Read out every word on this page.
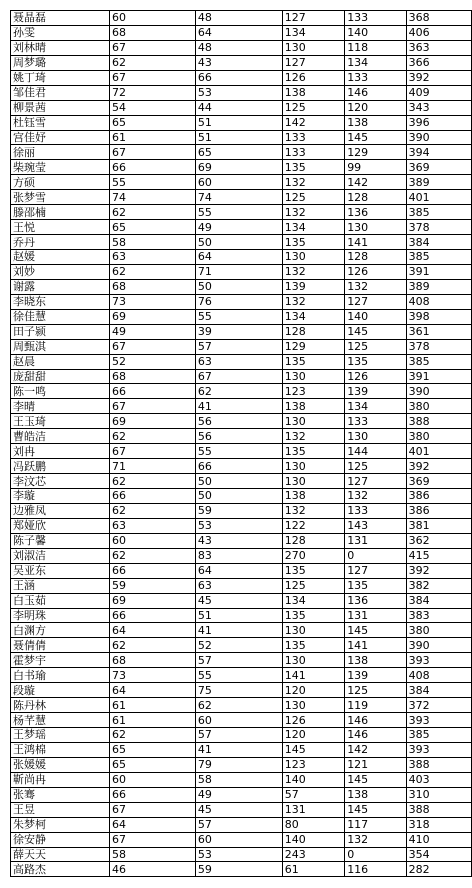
聂晶磊	60	48	127	133	368
孙雯	68	64	134	140	406
刘林晴	67	48	130	118	363
周梦璐	62	43	127	134	366
姚丁琦	67	66	126	133	392
邹佳君	72	53	138	146	409
柳景茜	54	44	125	120	343
杜钰雪	65	51	142	138	396
宫佳妤	61	51	133	145	390
徐丽	67	65	133	129	394
柴琬莹	66	69	135	99	369
方硕	55	60	132	142	389
张梦雪	74	74	125	128	401
滕邵楠	62	55	132	136	385
王悦	65	49	134	130	378
乔丹	58	50	135	141	384
赵媛	63	64	130	128	385
刘妙	62	71	132	126	391
谢露	68	50	139	132	389
李晓东	73	76	132	127	408
徐佳慧	69	55	134	140	398
田子颍	49	39	128	145	361
周甄淇	67	57	129	125	378
赵晨	52	63	135	135	385
庞甜甜	68	67	130	126	391
陈一鸣	66	62	123	139	390
李晴	67	41	138	134	380
王玉琦	69	56	130	133	388
曹皓洁	62	56	132	130	380
刘冉	67	55	135	144	401
冯跃鹏	71	66	130	125	392
李汶芯	62	50	130	127	369
李璇	66	50	138	132	386
边雅凤	62	59	132	133	386
郑娅欣	63	53	122	143	381
陈子馨	60	43	128	131	362
刘淑洁	62	83	270	0	415
吴亚东	66	64	135	127	392
王涵	59	63	125	135	382
白玉茹	69	45	134	136	384
李明珠	66	51	135	131	383
白渊方	64	41	130	145	380
聂倩倩	62	52	135	141	390
霍梦宇	68	57	130	138	393
白书瑜	73	55	141	139	408
段璇	64	75	120	125	384
陈丹林	61	62	130	119	372
杨芊慧	61	60	126	146	393
王梦瑶	62	57	120	146	385
王鸿棉	65	41	145	142	393
张媛媛	65	79	123	121	388
靳尚冉	60	58	140	145	403
张骞	66	49	57	138	310
王昱	67	45	131	145	388
朱梦柯	64	57	80	117	318
徐安静	67	60	140	132	410
薛天天	58	53	243	0	354
高路杰	46	59	61	116	282
